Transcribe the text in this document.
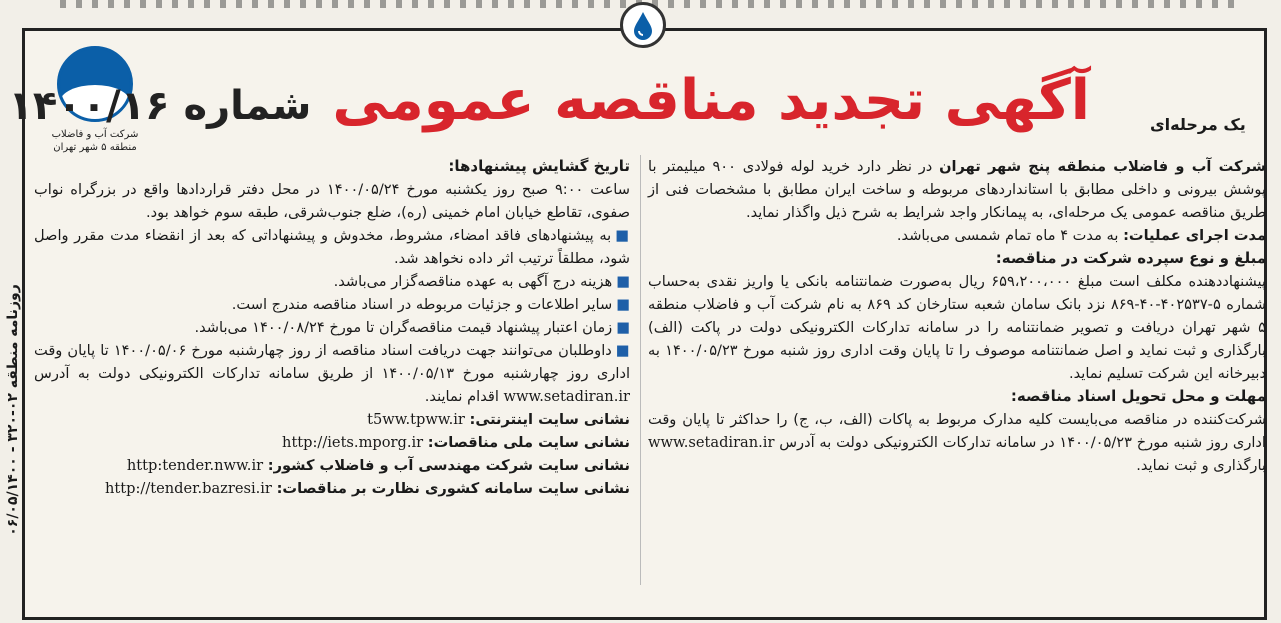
روزنامه منطقه ۰۲-۳۲۰ - ۰۶/۰۵/۱۴۰۰
شرکت آب و فاضلاب منطقه ۵ شهر تهران
آگهی تجدید مناقصه عمومی شماره ۱۴۰۰/۱۶	یک مرحله‌ای

شرکت آب و فاضلاب منطقه پنج شهر تهران در نظر دارد خرید لوله فولادی ۹۰۰ میلیمتر با پوشش بیرونی و داخلی مطابق با استانداردهای مربوطه و ساخت ایران مطابق با مشخصات فنی از طریق مناقصه عمومی یک مرحله‌ای، به پیمانکار واجد شرایط به شرح ذیل واگذار نماید.

مدت اجرای عملیات: به مدت ۴ ماه تمام شمسی می‌باشد.

مبلغ و نوع سپرده شرکت در مناقصه:

پیشنهاددهنده مکلف است مبلغ ۶۵۹،۲۰۰،۰۰۰ ریال به‌صورت ضمانتنامه بانکی یا واریز نقدی به‌حساب شماره ۵-۴۰۲۵۳۷-۴۰-۸۶۹ نزد بانک سامان شعبه ستارخان کد ۸۶۹ به نام شرکت آب و فاضلاب منطقه ۵ شهر تهران دریافت و تصویر ضمانتنامه را در سامانه تدارکات الکترونیکی دولت در پاکت (الف) بارگذاری و ثبت نماید و اصل ضمانتنامه موصوف را تا پایان وقت اداری روز شنبه مورخ ۱۴۰۰/۰۵/۲۳ به دبیرخانه این شرکت تسلیم نماید.

مهلت و محل تحویل اسناد مناقصه:

شرکت‌کننده در مناقصه می‌بایست کلیه مدارک مربوط به پاکات (الف، ب، ج) را حداکثر تا پایان وقت اداری روز شنبه مورخ ۱۴۰۰/۰۵/۲۳ در سامانه تدارکات الکترونیکی دولت به آدرس www.setadiran.ir بارگذاری و ثبت نماید.

تاریخ گشایش پیشنهادها:

ساعت ۹:۰۰ صبح روز یکشنبه مورخ ۱۴۰۰/۰۵/۲۴ در محل دفتر قراردادها واقع در بزرگراه نواب صفوی، تقاطع خیابان امام خمینی (ره)، ضلع جنوب‌شرقی، طبقه سوم خواهد بود.

■به پیشنهادهای فاقد امضاء، مشروط، مخدوش و پیشنهاداتی که بعد از انقضاء مدت مقرر واصل شود، مطلقاً ترتیب اثر داده نخواهد شد.

■هزینه درج آگهی به عهده مناقصه‌گزار می‌باشد.

■سایر اطلاعات و جزئیات مربوطه در اسناد مناقصه مندرج است.

■زمان اعتبار پیشنهاد قیمت مناقصه‌گران تا مورخ ۱۴۰۰/۰۸/۲۴ می‌باشد.

■داوطلبان می‌توانند جهت دریافت اسناد مناقصه از روز چهارشنبه مورخ ۱۴۰۰/۰۵/۰۶ تا پایان وقت اداری روز چهارشنبه مورخ ۱۴۰۰/۰۵/۱۳ از طریق سامانه تدارکات الکترونیکی دولت به آدرس www.setadiran.ir اقدام نمایند.

نشانی سایت اینترنتی: t5ww.tpww.ir

نشانی سایت ملی مناقصات: http://iets.mporg.ir

نشانی سایت شرکت مهندسی آب و فاضلاب کشور: http:tender.nww.ir

نشانی سایت سامانه کشوری نظارت بر مناقصات: http://tender.bazresi.ir
